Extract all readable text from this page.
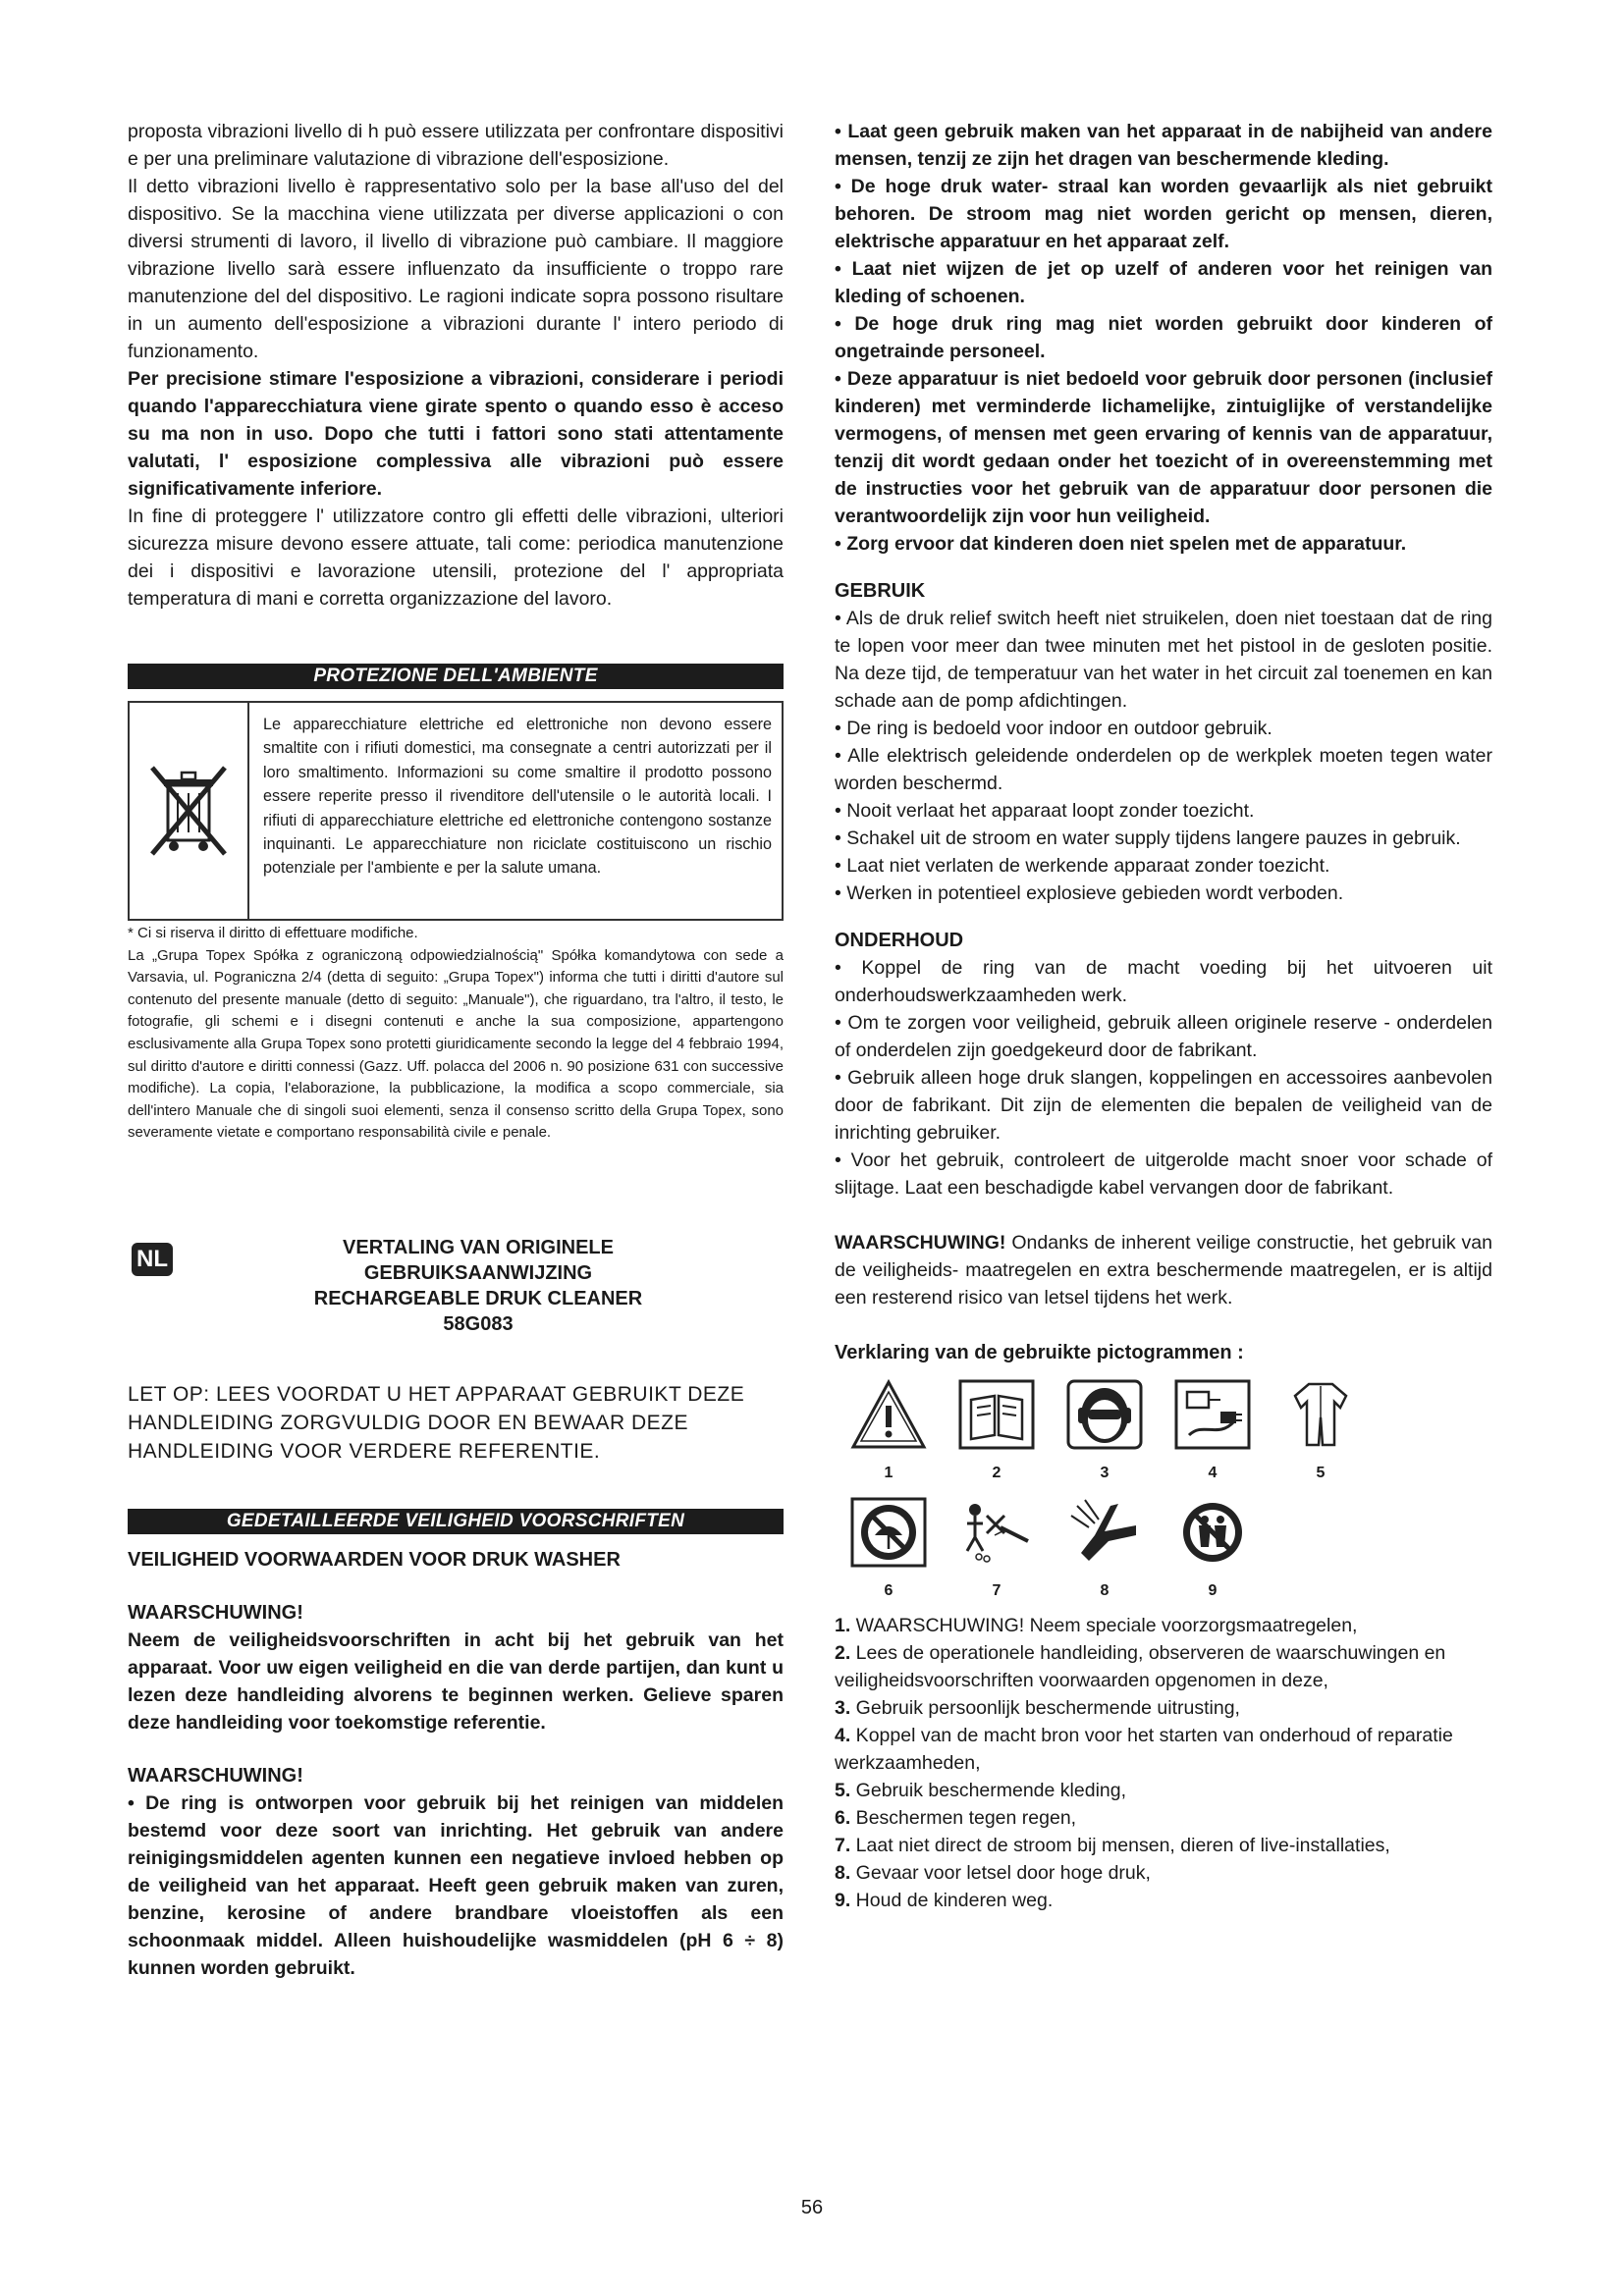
proposta vibrazioni livello di h può essere utilizzata per confrontare dispositivi e per una preliminare valutazione di vibrazione dell'esposizione.

Il detto vibrazioni livello è rappresentativo solo per la base all'uso del del dispositivo. Se la macchina viene utilizzata per diverse applicazioni o con diversi strumenti di lavoro, il livello di vibrazione può cambiare. Il maggiore vibrazione livello sarà essere influenzato da insufficiente o troppo rare manutenzione del del dispositivo. Le ragioni indicate sopra possono risultare in un aumento dell'esposizione a vibrazioni durante l' intero periodo di funzionamento.

Per precisione stimare l'esposizione a vibrazioni, considerare i periodi quando l'apparecchiatura viene girate spento o quando esso è acceso su ma non in uso. Dopo che tutti i fattori sono stati attentamente valutati, l' esposizione complessiva alle vibrazioni può essere significativamente inferiore.

In fine di proteggere l' utilizzatore contro gli effetti delle vibrazioni, ulteriori sicurezza misure devono essere attuate, tali come: periodica manutenzione dei i dispositivi e lavorazione utensili, protezione del l' appropriata temperatura di mani e corretta organizzazione del lavoro.

PROTEZIONE DELL'AMBIENTE
Le apparecchiature elettriche ed elettroniche non devono essere smaltite con i rifiuti domestici, ma consegnate a centri autorizzati per il loro smaltimento. Informazioni su come smaltire il prodotto possono essere reperite presso il rivenditore dell'utensile o le autorità locali. I rifiuti di apparecchiature elettriche ed elettroniche contengono sostanze inquinanti. Le apparecchiature non riciclate costituiscono un rischio potenziale per l'ambiente e per la salute umana.

* Ci si riserva il diritto di effettuare modifiche.

La „Grupa Topex Spółka z ograniczoną odpowiedzialnością" Spółka komandytowa con sede a Varsavia, ul. Pograniczna 2/4 (detta di seguito: „Grupa Topex") informa che tutti i diritti d'autore sul contenuto del presente manuale (detto di seguito: „Manuale"), che riguardano, tra l'altro, il testo, le fotografie, gli schemi e i disegni contenuti e anche la sua composizione, appartengono esclusivamente alla Grupa Topex sono protetti giuridicamente secondo la legge del 4 febbraio 1994, sul diritto d'autore e diritti connessi (Gazz. Uff. polacca del 2006 n. 90 posizione 631 con successive modifiche). La copia, l'elaborazione, la pubblicazione, la modifica a scopo commerciale, sia dell'intero Manuale che di singoli suoi elementi, senza il consenso scritto della Grupa Topex, sono severamente vietate e comportano responsabilità civile e penale.

NL	VERTALING VAN ORIGINELE
GEBRUIKSAANWIJZING
RECHARGEABLE DRUK CLEANER
58G083

LET OP: LEES VOORDAT U HET APPARAAT GEBRUIKT DEZE HANDLEIDING ZORGVULDIG DOOR EN BEWAAR DEZE HANDLEIDING VOOR VERDERE REFERENTIE.

GEDETAILLEERDE VEILIGHEID VOORSCHRIFTEN

VEILIGHEID VOORWAARDEN VOOR DRUK WASHER

WAARSCHUWING!

Neem de veiligheidsvoorschriften in acht bij het gebruik van het apparaat. Voor uw eigen veiligheid en die van derde partijen, dan kunt u lezen deze handleiding alvorens te beginnen werken. Gelieve sparen deze handleiding voor toekomstige referentie.

WAARSCHUWING!

• De ring is ontworpen voor gebruik bij het reinigen van middelen bestemd voor deze soort van inrichting. Het gebruik van andere reinigingsmiddelen agenten kunnen een negatieve invloed hebben op de veiligheid van het apparaat. Heeft geen gebruik maken van zuren, benzine, kerosine of andere brandbare vloeistoffen als een schoonmaak middel. Alleen huishoudelijke wasmiddelen (pH 6 ÷ 8) kunnen worden gebruikt.

• Laat geen gebruik maken van het apparaat in de nabijheid van andere mensen, tenzij ze zijn het dragen van beschermende kleding.

• De hoge druk water- straal kan worden gevaarlijk als niet gebruikt behoren. De stroom mag niet worden gericht op mensen, dieren, elektrische apparatuur en het apparaat zelf.

• Laat niet wijzen de jet op uzelf of anderen voor het reinigen van kleding of schoenen.

• De hoge druk ring mag niet worden gebruikt door kinderen of ongetrainde personeel.

• Deze apparatuur is niet bedoeld voor gebruik door personen (inclusief kinderen) met verminderde lichamelijke, zintuiglijke of verstandelijke vermogens, of mensen met geen ervaring of kennis van de apparatuur, tenzij dit wordt gedaan onder het toezicht of in overeenstemming met de instructies voor het gebruik van de apparatuur door personen die verantwoordelijk zijn voor hun veiligheid.

• Zorg ervoor dat kinderen doen niet spelen met de apparatuur.

GEBRUIK

• Als de druk relief switch heeft niet struikelen, doen niet toestaan dat de ring te lopen voor meer dan twee minuten met het pistool in de gesloten positie. Na deze tijd, de temperatuur van het water in het circuit zal toenemen en kan schade aan de pomp afdichtingen.

• De ring is bedoeld voor indoor en outdoor gebruik.

• Alle elektrisch geleidende onderdelen op de werkplek moeten tegen water worden beschermd.

• Nooit verlaat het apparaat loopt zonder toezicht.

• Schakel uit de stroom en water supply tijdens langere pauzes in gebruik.

• Laat niet verlaten de werkende apparaat zonder toezicht.

• Werken in potentieel explosieve gebieden wordt verboden.

ONDERHOUD

• Koppel de ring van de macht voeding bij het uitvoeren uit onderhoudswerkzaamheden werk.

• Om te zorgen voor veiligheid, gebruik alleen originele reserve - onderdelen of onderdelen zijn goedgekeurd door de fabrikant.

• Gebruik alleen hoge druk slangen, koppelingen en accessoires aanbevolen door de fabrikant. Dit zijn de elementen die bepalen de veiligheid van de inrichting gebruiker.

• Voor het gebruik, controleert de uitgerolde macht snoer voor schade of slijtage. Laat een beschadigde kabel vervangen door de fabrikant.

WAARSCHUWING! Ondanks de inherent veilige constructie, het gebruik van de veiligheids- maatregelen en extra beschermende maatregelen, er is altijd een resterend risico van letsel tijdens het werk.

Verklaring van de gebruikte pictogrammen :

1	2	3	4	5
6	7	8	9

1. WAARSCHUWING! Neem speciale voorzorgsmaatregelen,

2. Lees de operationele handleiding, observeren de waarschuwingen en veiligheidsvoorschriften voorwaarden opgenomen in deze,

3. Gebruik persoonlijk beschermende uitrusting,

4. Koppel van de macht bron voor het starten van onderhoud of reparatie werkzaamheden,

5. Gebruik beschermende kleding,

6. Beschermen tegen regen,

7. Laat niet direct de stroom bij mensen, dieren of live-installaties,

8. Gevaar voor letsel door hoge druk,

9. Houd de kinderen weg.

56
